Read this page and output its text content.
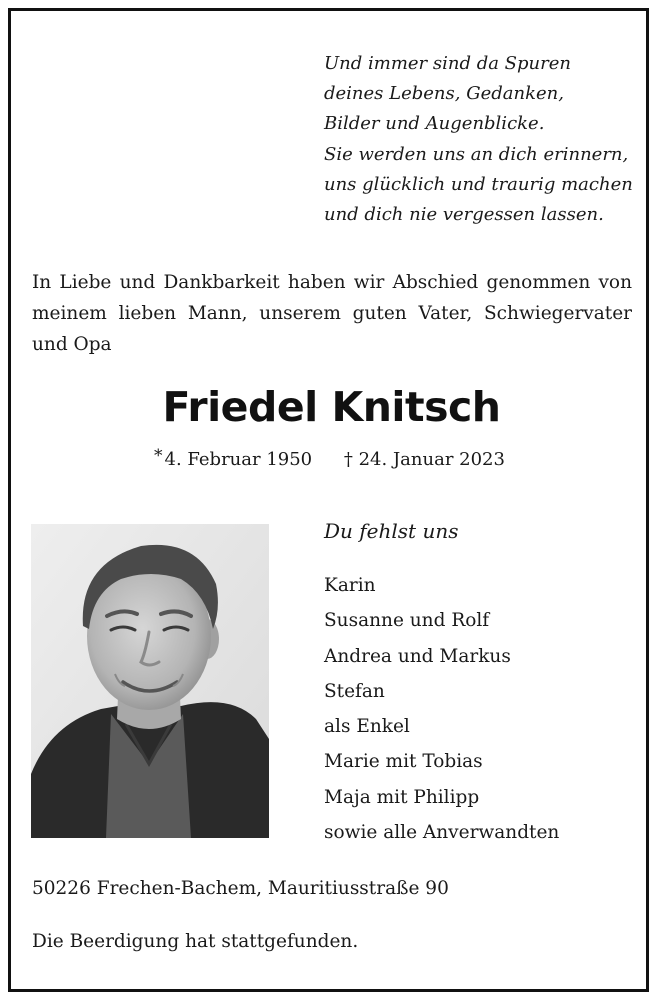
Und immer sind da Spuren
deines Lebens, Gedanken,
Bilder und Augenblicke.
Sie werden uns an dich erinnern,
uns glücklich und traurig machen
und dich nie vergessen lassen.
In Liebe und Dankbarkeit haben wir Abschied genommen von meinem lieben Mann, unserem guten Vater, Schwiegervater und Opa
Friedel Knitsch
* 4. Februar 1950 † 24. Januar 2023
Du fehlst uns
Karin
Susanne und Rolf
Andrea und Markus
Stefan
als Enkel
Marie mit Tobias
Maja mit Philipp
sowie alle Anverwandten
50226 Frechen-Bachem, Mauritiusstraße 90
Die Beerdigung hat stattgefunden.
